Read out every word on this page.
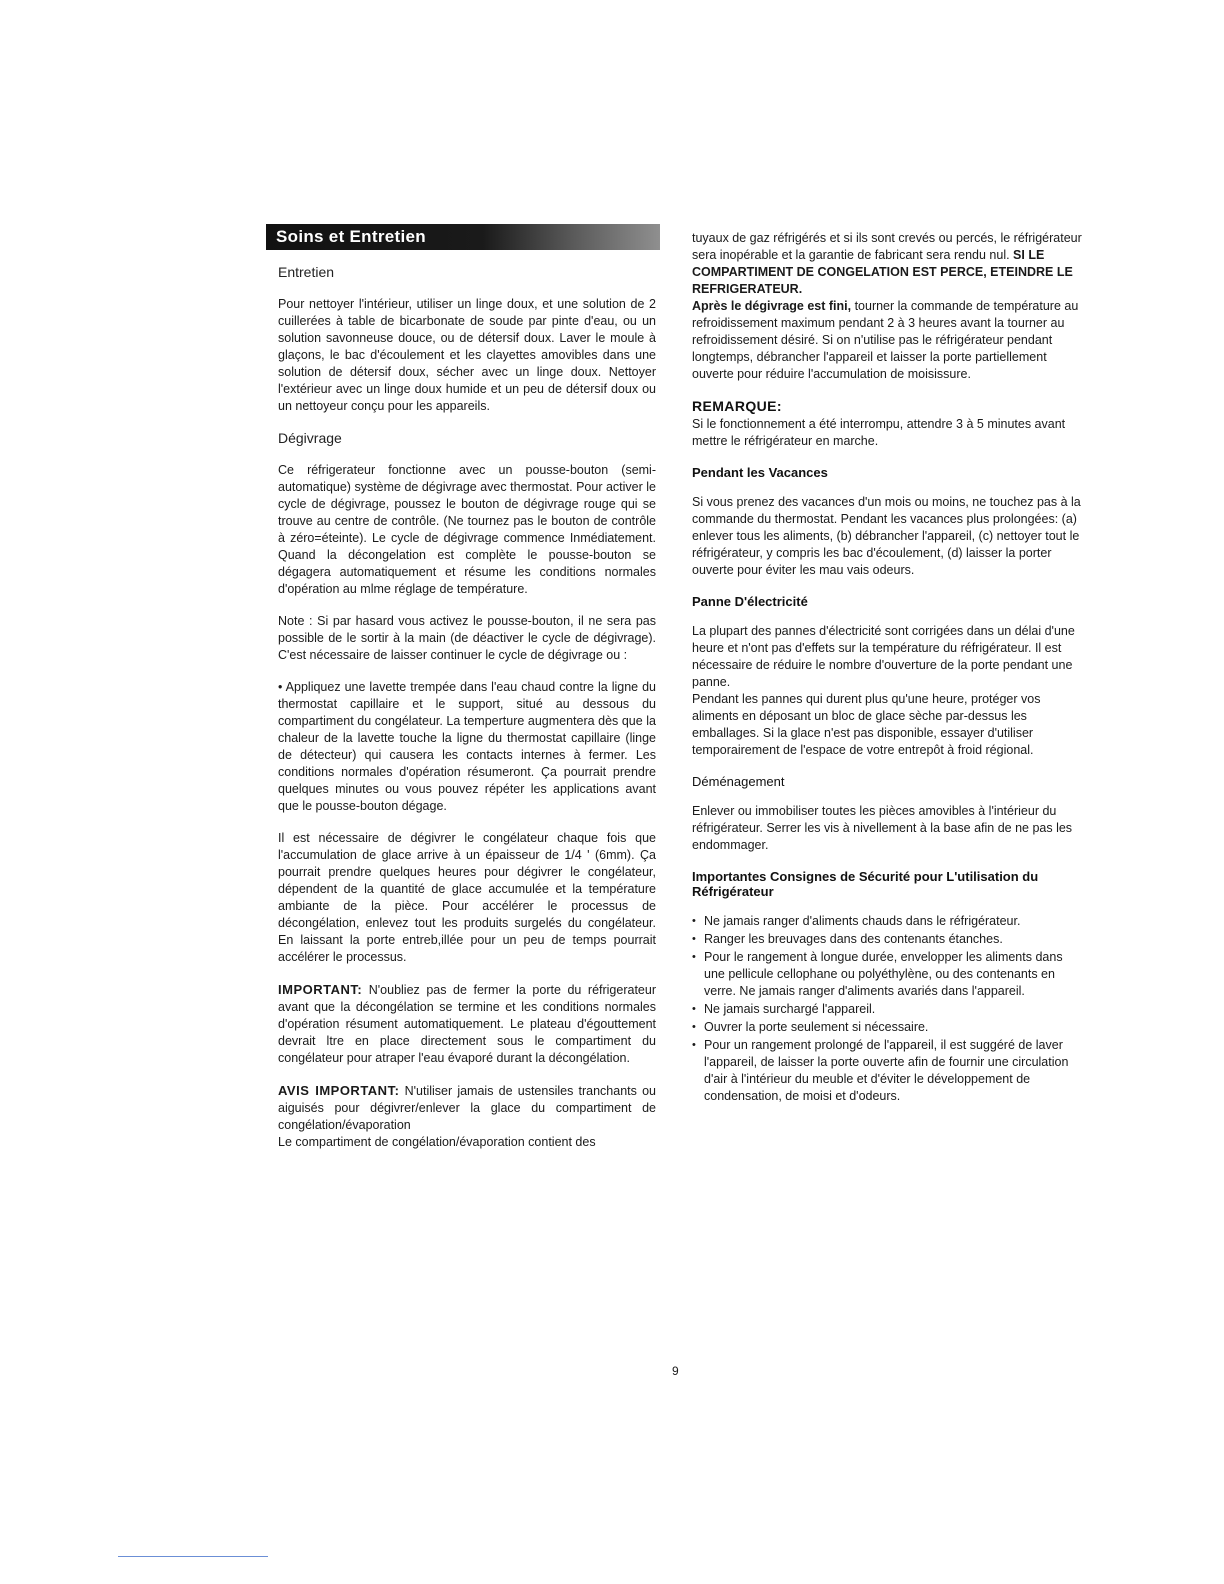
Soins et Entretien
Entretien

Pour nettoyer l'intérieur, utiliser un linge doux, et une solution de 2 cuillerées à table de bicarbonate de soude par pinte d'eau, ou un solution savonneuse douce, ou de détersif doux. Laver le moule à glaçons, le bac d'écoulement et les clayettes amovibles dans une solution de détersif doux, sécher avec un linge doux. Nettoyer l'extérieur avec un linge doux humide et un peu de détersif doux ou un nettoyeur conçu pour les appareils.

Dégivrage

Ce réfrigerateur fonctionne avec un pousse-bouton (semi-automatique) système de dégivrage avec thermostat. Pour activer le cycle de dégivrage, poussez le bouton de dégivrage rouge qui se trouve au centre de contrôle. (Ne tournez pas le bouton de contrôle à zéro=éteinte). Le cycle de dégivrage commence Inmédiatement. Quand la décongelation est complète le pousse-bouton se dégagera automatiquement et résume les conditions normales d'opération au mlme réglage de température.

Note : Si par hasard vous activez le pousse-bouton, il ne sera pas possible de le sortir à la main (de déactiver le cycle de dégivrage). C'est nécessaire de laisser continuer le cycle de dégivrage ou :

• Appliquez une lavette trempée dans l'eau chaud contre la ligne du thermostat capillaire et le support, situé au dessous du compartiment du congélateur. La temperture augmentera dès que la chaleur de la lavette touche la ligne du thermostat capillaire (linge de détecteur) qui causera les contacts internes à fermer. Les conditions normales d'opération résumeront. Ça pourrait prendre quelques minutes ou vous pouvez répéter les applications avant que le pousse-bouton dégage.

Il est nécessaire de dégivrer le congélateur chaque fois que l'accumulation de glace arrive à un épaisseur de 1/4 ' (6mm). Ça pourrait prendre quelques heures pour dégivrer le congélateur, dépendent de la quantité de glace accumulée et la température ambiante de la pièce. Pour accélérer le processus de décongélation, enlevez tout les produits surgelés du congélateur. En laissant la porte entreb,illée pour un peu de temps pourrait accélérer le processus.

IMPORTANT: N'oubliez pas de fermer la porte du réfrigerateur avant que la décongélation se termine et les conditions normales d'opération résument automatiquement. Le plateau d'égouttement devrait ltre en place directement sous le compartiment du congélateur pour atraper l'eau évaporé durant la décongélation.

AVIS IMPORTANT: N'utiliser jamais de ustensiles tranchants ou aiguisés pour dégivrer/enlever la glace du compartiment de congélation/évaporation

Le compartiment de congélation/évaporation contient des

tuyaux de gaz réfrigérés et si ils sont crevés ou percés, le réfrigérateur sera inopérable et la garantie de fabricant sera rendu nul. SI LE COMPARTIMENT DE CONGELATION EST PERCE, ETEINDRE LE REFRIGERATEUR.
Après le dégivrage est fini, tourner la commande de température au refroidissement maximum pendant 2 à 3 heures avant la tourner au refroidissement désiré. Si on n'utilise pas le réfrigérateur pendant longtemps, débrancher l'appareil et laisser la porte partiellement ouverte pour réduire l'accumulation de moisissure.

REMARQUE:

Si le fonctionnement a été interrompu, attendre 3 à 5 minutes avant mettre le réfrigérateur en marche.

Pendant les Vacances

Si vous prenez des vacances d'un mois ou moins, ne touchez pas à la commande du thermostat. Pendant les vacances plus prolongées: (a) enlever tous les aliments, (b) débrancher l'appareil, (c) nettoyer tout le réfrigérateur, y compris les bac d'écoulement, (d) laisser la porter ouverte pour éviter les mau vais odeurs.

Panne D'électricité

La plupart des pannes d'électricité sont corrigées dans un délai d'une heure et n'ont pas d'effets sur la température du réfrigérateur. Il est nécessaire de réduire le nombre d'ouverture de la porte pendant une panne.

Pendant les pannes qui durent plus qu'une heure, protéger vos aliments en déposant un bloc de glace sèche par-dessus les emballages. Si la glace n'est pas disponible, essayer d'utiliser temporairement de l'espace de votre entrepôt à froid régional.

Déménagement

Enlever ou immobiliser toutes les pièces amovibles à l'intérieur du réfrigérateur. Serrer les vis à nivellement à la base afin de ne pas les endommager.

Importantes Consignes de Sécurité pour L'utilisation du Réfrigérateur
• Ne jamais ranger d'aliments chauds dans le réfrigérateur.
• Ranger les breuvages dans des contenants étanches.
• Pour le rangement à longue durée, envelopper les aliments dans une pellicule cellophane ou polyéthylène, ou des contenants en verre. Ne jamais ranger d'aliments avariés dans l'appareil.
• Ne jamais surchargé l'appareil.
• Ouvrer la porte seulement si nécessaire.
• Pour un rangement prolongé de l'appareil, il est suggéré de laver l'appareil, de laisser la porte ouverte afin de fournir une circulation d'air à l'intérieur du meuble et d'éviter le développement de condensation, de moisi et d'odeurs.
9
